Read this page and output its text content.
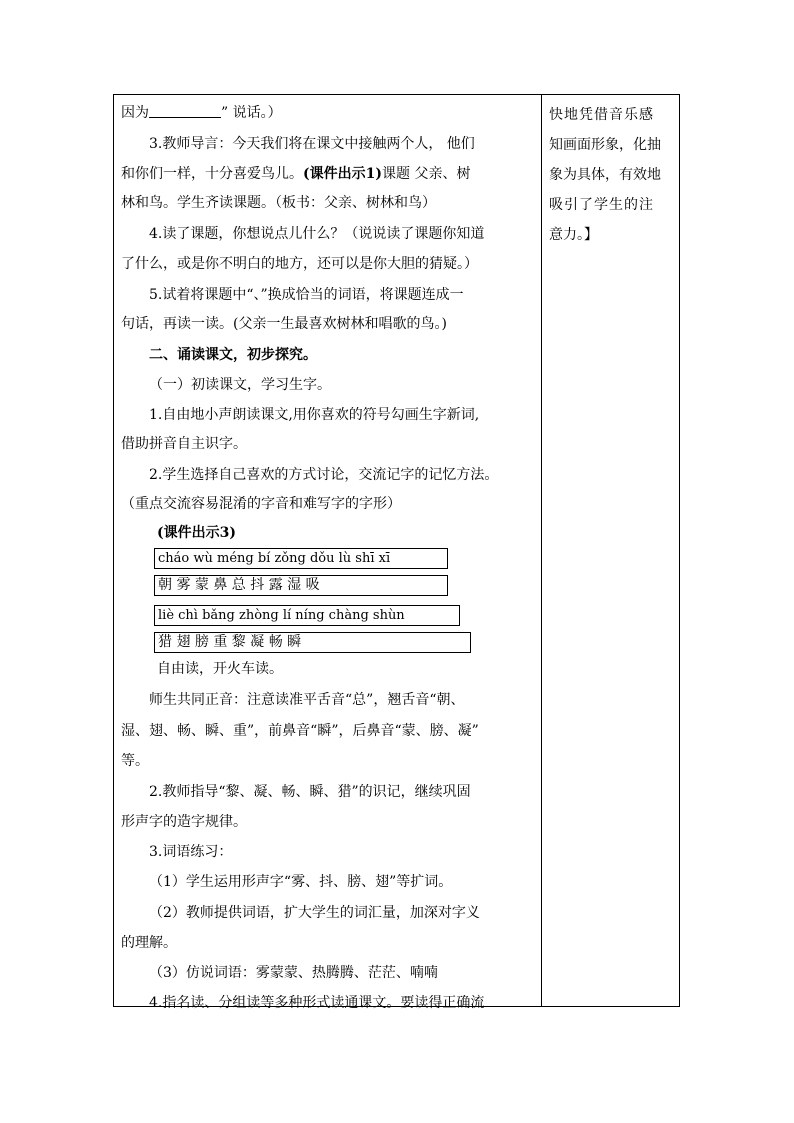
因为	” 说话。）
3.教师导言：今天我们将在课文中接触两个人， 他们
和你们一样，十分喜爱鸟儿。(课件出示1)课题 父亲、树
林和鸟。学生齐读课题。（板书：父亲、树林和鸟）
4.读了课题，你想说点儿什么？（说说读了课题你知道
了什么，或是你不明白的地方，还可以是你大胆的猜疑。）
5.试着将课题中“、”换成恰当的词语，将课题连成一
句话，再读一读。(父亲一生最喜欢树林和唱歌的鸟。)
二、诵读课文，初步探究。
（一）初读课文，学习生字。
1.自由地小声朗读课文,用你喜欢的符号勾画生字新词,
借助拼音自主识字。
2.学生选择自己喜欢的方式讨论，交流记字的记忆方法。
（重点交流容易混淆的字音和难写字的字形）
(课件出示3)
cháo wù méng bí zǒng dǒu lù shī xī
朝 雾 蒙 鼻 总 抖 露 湿 吸
liè chì bǎng zhòng lí níng chàng shùn
猎 翅 膀 重 黎 凝 畅 瞬
自由读，开火车读。
师生共同正音：注意读准平舌音“总”，翘舌音“朝、
湿、翅、畅、瞬、重”，前鼻音“瞬”，后鼻音“蒙、膀、凝”
等。
2.教师指导“黎、凝、畅、瞬、猎”的识记，继续巩固
形声字的造字规律。
3.词语练习：
（1）学生运用形声字“雾、抖、膀、翅”等扩词。
（2）教师提供词语，扩大学生的词汇量，加深对字义
的理解。
（3）仿说词语：雾蒙蒙、热腾腾、茫茫、喃喃
4.指名读、分组读等多种形式读通课文。要读得正确流
快地凭借音乐感
知画面形象，化抽
象为具体，有效地
吸引了学生的注
意力。】
